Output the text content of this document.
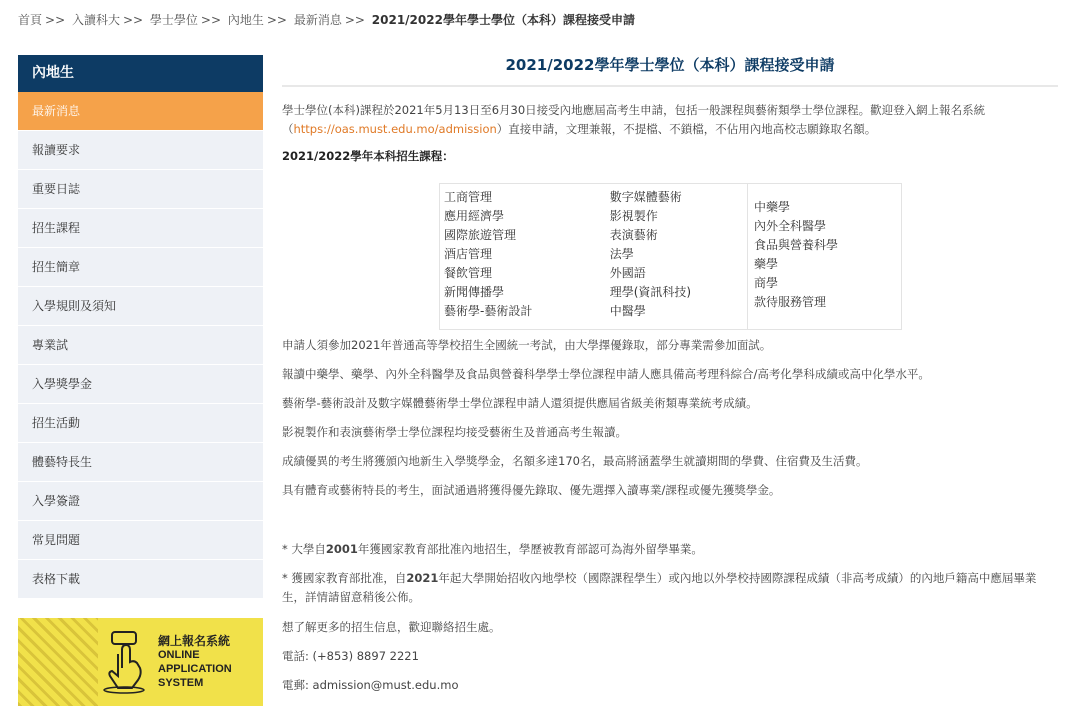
首頁 >> 入讀科大 >> 學士學位 >> 內地生 >> 最新消息 >> 2021/2022學年學士學位（本科）課程接受申請
內地生
最新消息
報讀要求
重要日誌
招生課程
招生簡章
入學規則及須知
專業試
入學獎學金
招生活動
體藝特長生
入學簽證
常見問題
表格下載
網上報名系統
ONLINE
APPLICATION
SYSTEM
2021/2022學年學士學位（本科）課程接受申請

學士學位(本科)課程於2021年5月13日至6月30日接受內地應屆高考生申請，包括一般課程與藝術類學士學位課程。歡迎登入網上報名系統（https://oas.must.edu.mo/admission）直接申請，文理兼報，不提檔、不鎖檔，不佔用內地高校志願錄取名額。

2021/2022學年本科招生課程：

工商管理
應用經濟學
國際旅遊管理
酒店管理
餐飲管理
新聞傳播學
藝術學-藝術設計
數字媒體藝術
影視製作
表演藝術
法學
外國語
理學(資訊科技)
中醫學
中藥學
內外全科醫學
食品與營養科學
藥學
商學
款待服務管理
申請人須參加2021年普通高等學校招生全國統一考試，由大學擇優錄取，部分專業需參加面試。
報讀中藥學、藥學、內外全科醫學及食品與營養科學學士學位課程申請人應具備高考理科綜合/高考化學科成績或高中化學水平。
藝術學-藝術設計及數字媒體藝術學士學位課程申請人還須提供應屆省級美術類專業統考成績。
影視製作和表演藝術學士學位課程均接受藝術生及普通高考生報讀。
成績優異的考生將獲頒內地新生入學獎學金，名額多達170名，最高將涵蓋學生就讀期間的學費、住宿費及生活費。
具有體育或藝術特長的考生，面試通過將獲得優先錄取、優先選擇入讀專業/課程或優先獲獎學金。
* 大學自2001年獲國家教育部批准內地招生，學歷被教育部認可為海外留學畢業。
* 獲國家教育部批准，自2021年起大學開始招收內地學校（國際課程學生）或內地以外學校持國際課程成績（非高考成績）的內地戶籍高中應屆畢業生，詳情請留意稍後公佈。
想了解更多的招生信息，歡迎聯絡招生處。
電話: (+853) 8897 2221
電郵: admission@must.edu.mo
